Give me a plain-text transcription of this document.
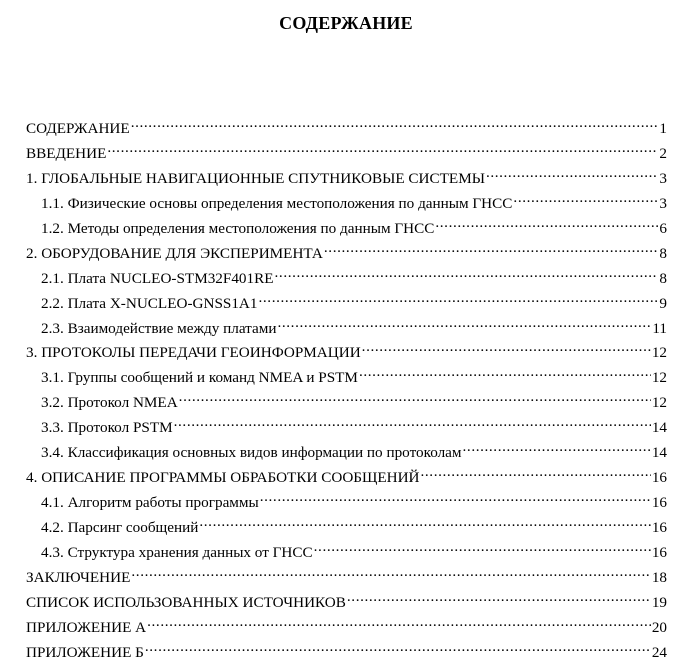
СОДЕРЖАНИЕ
СОДЕРЖАНИЕ .....	1
ВВЕДЕНИЕ .....	2
1. ГЛОБАЛЬНЫЕ НАВИГАЦИОННЫЕ СПУТНИКОВЫЕ СИСТЕМЫ .....	3
1.1. Физические основы определения местоположения по данным ГНСС .....	3
1.2. Методы определения местоположения по данным ГНСС .....	6
2. ОБОРУДОВАНИЕ ДЛЯ ЭКСПЕРИМЕНТА .....	8
2.1. Плата NUCLEO-STM32F401RE .....	8
2.2. Плата X-NUCLEO-GNSS1A1 .....	9
2.3. Взаимодействие между платами .....	11
3. ПРОТОКОЛЫ ПЕРЕДАЧИ ГЕОИНФОРМАЦИИ .....	12
3.1. Группы сообщений и команд NMEA и PSTM .....	12
3.2. Протокол NMEA .....	12
3.3. Протокол PSTM .....	14
3.4. Классификация основных видов информации по протоколам .....	14
4. ОПИСАНИЕ ПРОГРАММЫ ОБРАБОТКИ СООБЩЕНИЙ .....	16
4.1. Алгоритм работы программы .....	16
4.2. Парсинг сообщений .....	16
4.3. Структура хранения данных от ГНСС .....	16
ЗАКЛЮЧЕНИЕ .....	18
СПИСОК ИСПОЛЬЗОВАННЫХ ИСТОЧНИКОВ .....	19
ПРИЛОЖЕНИЕ А .....	20
ПРИЛОЖЕНИЕ Б .....	24
